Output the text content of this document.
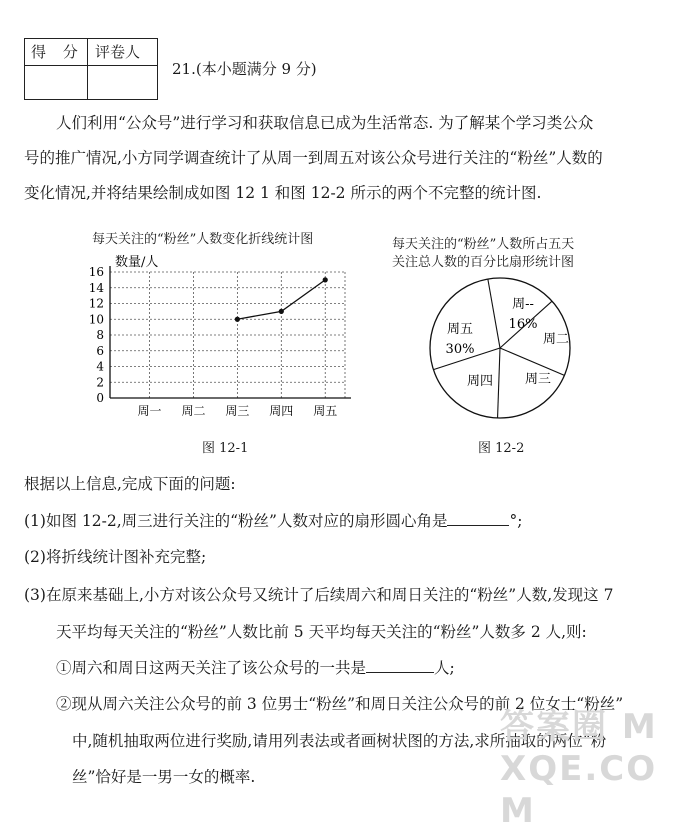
得 分 评卷人
21.(本小题满分 9 分)
人们利用“公众号”进行学习和获取信息已成为生活常态. 为了解某个学习类公众
号的推广情况,小方同学调查统计了从周一到周五对该公众号进行关注的“粉丝”人数的
变化情况,并将结果绘制成如图 12 1 和图 12-2 所示的两个不完整的统计图.
每天关注的“粉丝”人数变化折线统计图
0
2
4
6
8
10
12
14
16
周一 周二 周三 周四 周五
数量/人
图 12-1
每天关注的“粉丝”人数所占五天
关注总人数的百分比扇形统计图
周--
16%
周二
周三
周四
周五
30%
图 12-2
根据以上信息,完成下面的问题:
(1)如图 12-2,周三进行关注的“粉丝”人数对应的扇形圆心角是	°;
(2)将折线统计图补充完整;
(3)在原来基础上,小方对该公众号又统计了后续周六和周日关注的“粉丝”人数,发现这 7
天平均每天关注的“粉丝”人数比前 5 天平均每天关注的“粉丝”人数多 2 人,则:
①周六和周日这两天关注了该公众号的一共是	人;
②现从周六关注公众号的前 3 位男士“粉丝”和周日关注公众号的前 2 位女士“粉丝”
中,随机抽取两位进行奖励,请用列表法或者画树状图的方法,求所抽取的两位“粉
丝”恰好是一男一女的概率.
答案圈 MXQE.COM
